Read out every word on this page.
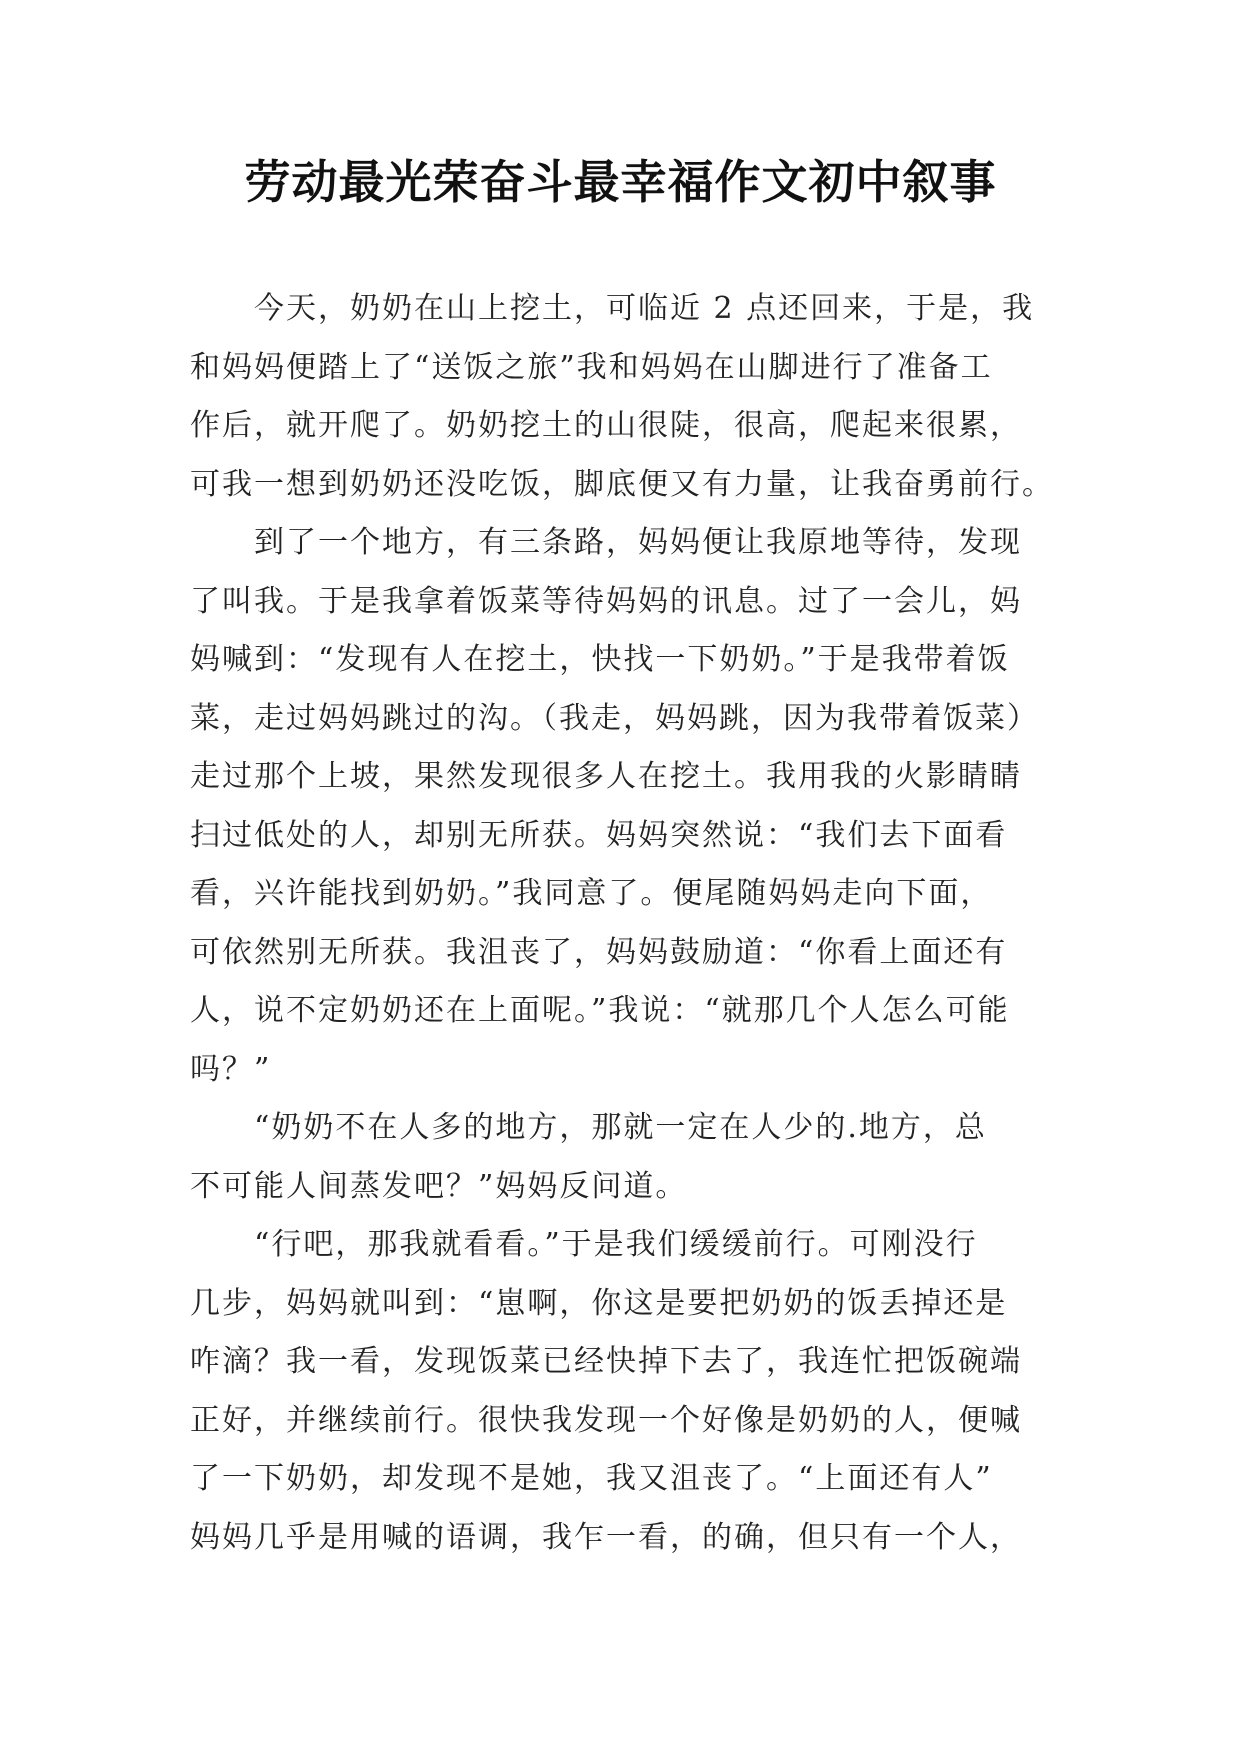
劳动最光荣奋斗最幸福作文初中叙事

今天，奶奶在山上挖土，可临近 2 点还回来，于是，我
和妈妈便踏上了“送饭之旅”我和妈妈在山脚进行了准备工
作后，就开爬了。奶奶挖土的山很陡，很高，爬起来很累，
可我一想到奶奶还没吃饭，脚底便又有力量，让我奋勇前行。

到了一个地方，有三条路，妈妈便让我原地等待，发现
了叫我。于是我拿着饭菜等待妈妈的讯息。过了一会儿，妈
妈喊到：“发现有人在挖土，快找一下奶奶。”于是我带着饭
菜，走过妈妈跳过的沟。（我走，妈妈跳，因为我带着饭菜）
走过那个上坡，果然发现很多人在挖土。我用我的火影睛睛
扫过低处的人，却别无所获。妈妈突然说：“我们去下面看
看，兴许能找到奶奶。”我同意了。便尾随妈妈走向下面，
可依然别无所获。我沮丧了，妈妈鼓励道：“你看上面还有
人，说不定奶奶还在上面呢。”我说：“就那几个人怎么可能
吗？”

“奶奶不在人多的地方，那就一定在人少的.地方，总
不可能人间蒸发吧？”妈妈反问道。

“行吧，那我就看看。”于是我们缓缓前行。可刚没行
几步，妈妈就叫到：“崽啊，你这是要把奶奶的饭丢掉还是
咋滴？我一看，发现饭菜已经快掉下去了，我连忙把饭碗端
正好，并继续前行。很快我发现一个好像是奶奶的人，便喊
了一下奶奶，却发现不是她，我又沮丧了。“上面还有人”
妈妈几乎是用喊的语调，我乍一看，的确，但只有一个人，
